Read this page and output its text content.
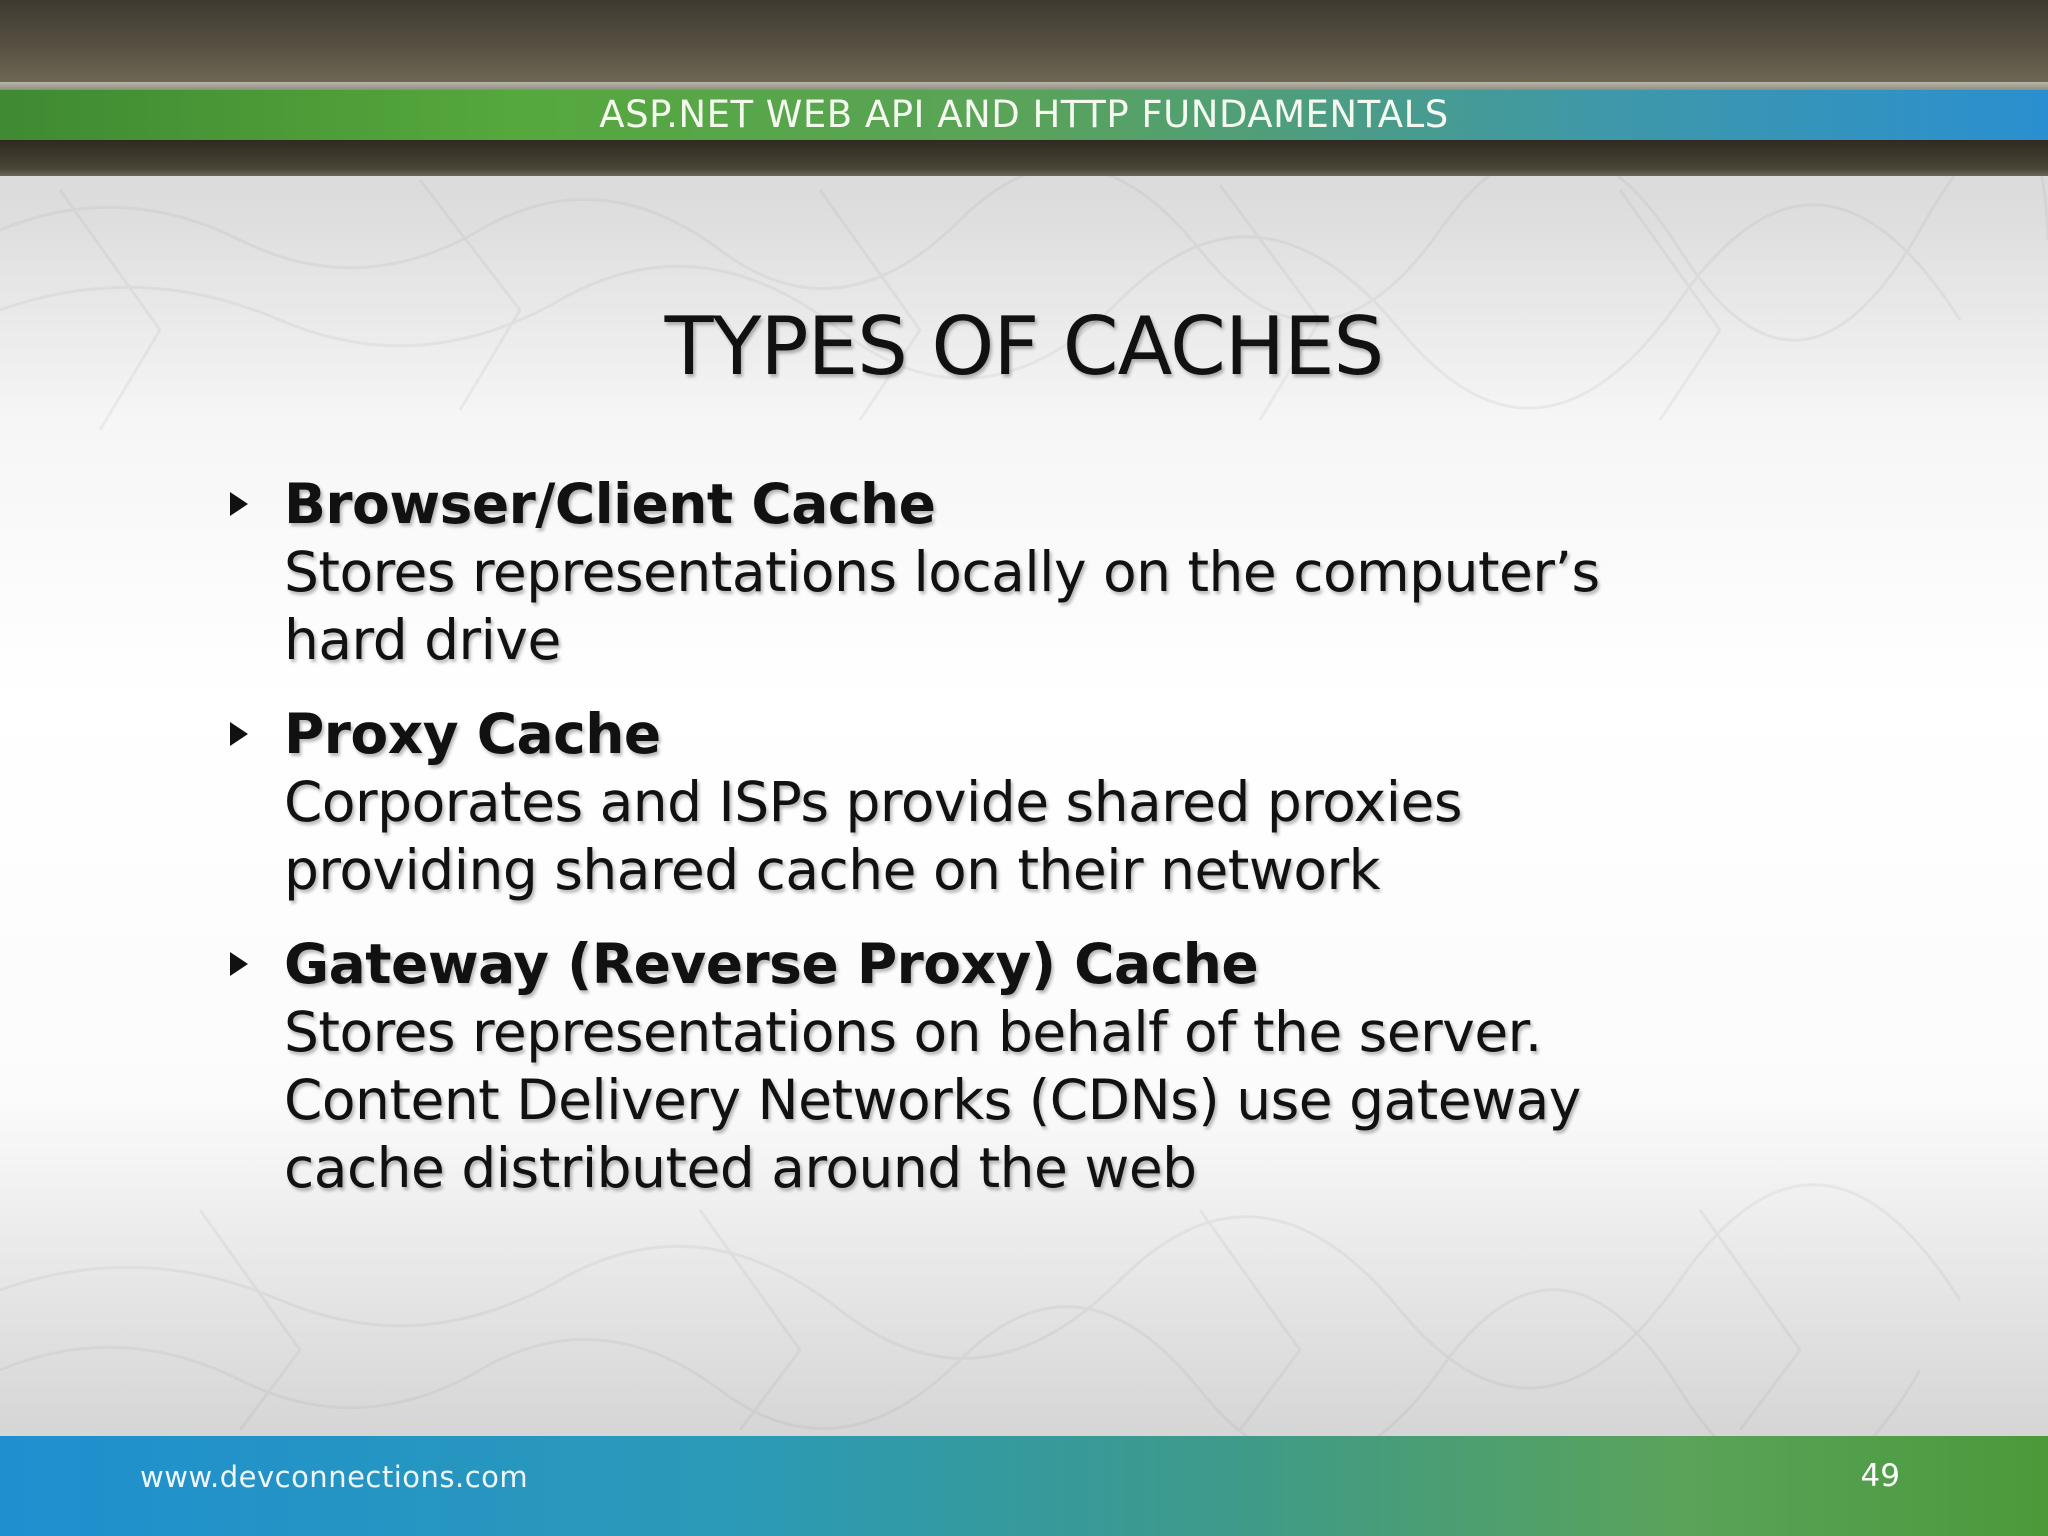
ASP.NET WEB API AND HTTP FUNDAMENTALS
TYPES OF CACHES
Browser/Client Cache
Stores representations locally on the computer’s
hard drive
Proxy Cache
Corporates and ISPs provide shared proxies
providing shared cache on their network
Gateway (Reverse Proxy) Cache
Stores representations on behalf of the server.
Content Delivery Networks (CDNs) use gateway
cache distributed around the web
www.devconnections.com	49
